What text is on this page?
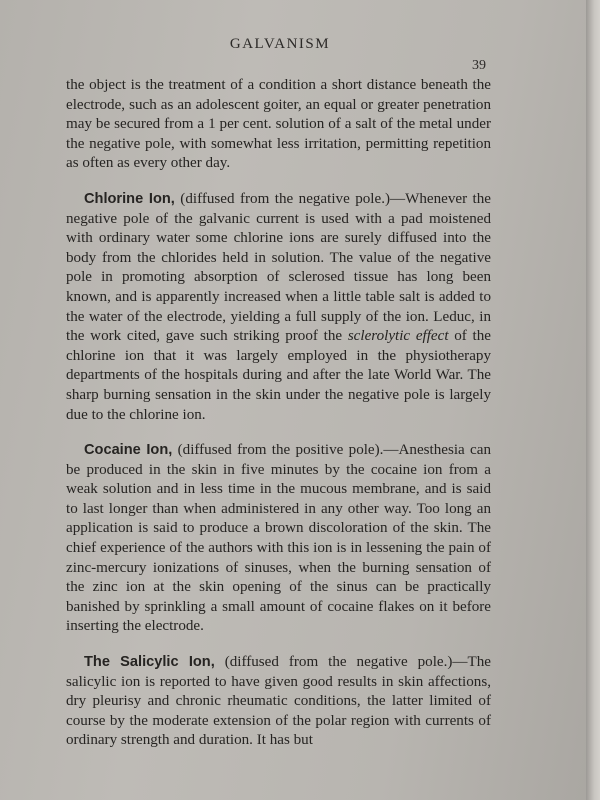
GALVANISM
39

the object is the treatment of a condition a short distance beneath the electrode, such as an adolescent goiter, an equal or greater penetration may be secured from a 1 per cent. solution of a salt of the metal under the negative pole, with somewhat less irritation, permitting repetition as often as every other day.

Chlorine Ion, (diffused from the negative pole.)—Whenever the negative pole of the galvanic current is used with a pad moistened with ordinary water some chlorine ions are surely diffused into the body from the chlorides held in solution. The value of the negative pole in promoting absorption of sclerosed tissue has long been known, and is apparently increased when a little table salt is added to the water of the electrode, yielding a full supply of the ion. Leduc, in the work cited, gave such striking proof the sclerolytic effect of the chlorine ion that it was largely employed in the physiotherapy departments of the hospitals during and after the late World War. The sharp burning sensation in the skin under the negative pole is largely due to the chlorine ion.

Cocaine Ion, (diffused from the positive pole).—Anesthesia can be produced in the skin in five minutes by the cocaine ion from a weak solution and in less time in the mucous membrane, and is said to last longer than when administered in any other way. Too long an application is said to produce a brown discoloration of the skin. The chief experience of the authors with this ion is in lessening the pain of zinc-mercury ionizations of sinuses, when the burning sensation of the zinc ion at the skin opening of the sinus can be practically banished by sprinkling a small amount of cocaine flakes on it before inserting the electrode.

The Salicylic Ion, (diffused from the negative pole.)—The salicylic ion is reported to have given good results in skin affections, dry pleurisy and chronic rheumatic conditions, the latter limited of course by the moderate extension of the polar region with currents of ordinary strength and duration. It has but
